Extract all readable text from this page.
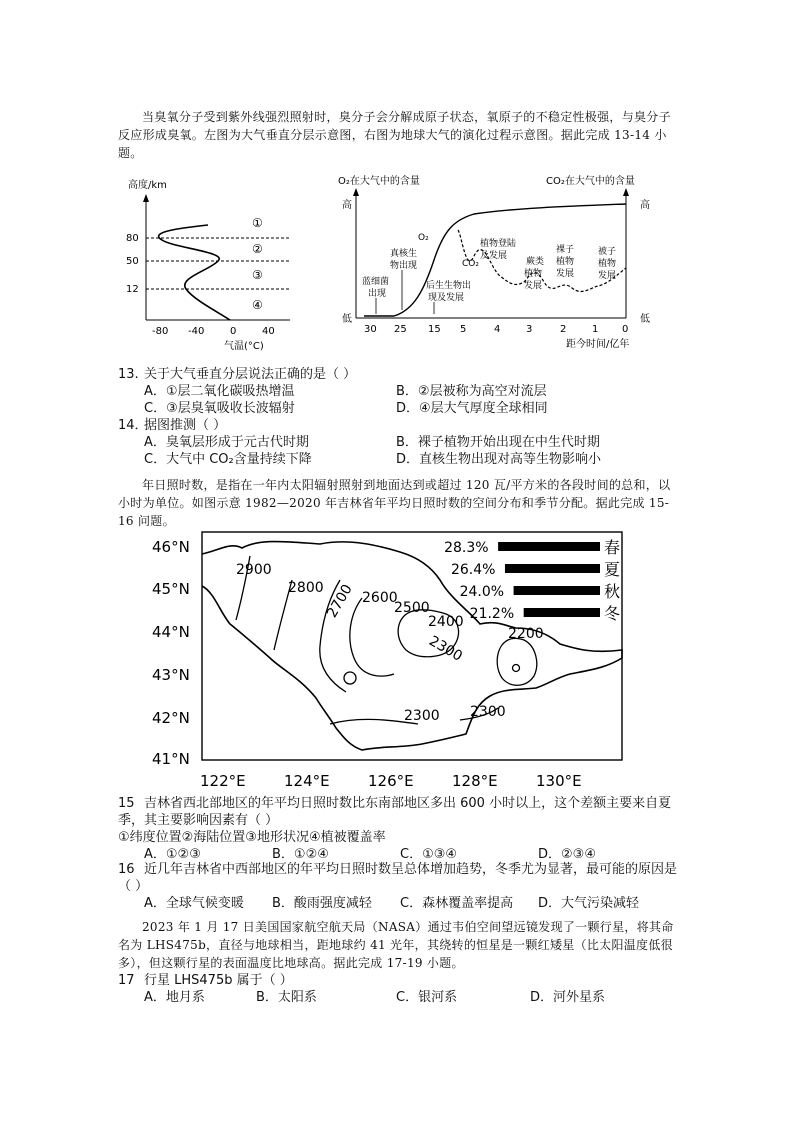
当臭氧分子受到紫外线强烈照射时，臭分子会分解成原子状态，氧原子的不稳定性极强，与臭分子反应形成臭氧。左图为大气垂直分层示意图，右图为地球大气的演化过程示意图。据此完成 13-14 小题。
高度/km
80
50
12
①
②
③
④
-80 -40	0	40
气温(°C)
O₂在大气中的含量	CO₂在大气中的含量
高
低
高
低
O₂
CO₂
蓝细菌 出现
真核生 物出现
后生生物出 现及发展
植物登陆 及发展
蕨类 植物 发展
裸子 植物 发展
被子 植物 发展
30 25 15 5	4	3	2	1 0
距今时间/亿年
13. 关于大气垂直分层说法正确的是（ ）
A．①层二氧化碳吸热增温	B．②层被称为高空对流层
C．③层臭氧吸收长波辐射	D．④层大气厚度全球相同
14．据图推测（ ）
A．臭氧层形成于元古代时期	B．裸子植物开始出现在中生代时期
C．大气中 CO₂含量持续下降	D．直核生物出现对高等生物影响小
年日照时数，是指在一年内太阳辐射照射到地面达到或超过 120 瓦/平方米的各段时间的总和，以小时为单位。如图示意 1982—2020 年吉林省年平均日照时数的空间分布和季节分配。据此完成 15-16 问题。
46°N
45°N
44°N
43°N
42°N
41°N
122°E	124°E	126°E	128°E	130°E
2900
2800 2700 2600
2500
2400
2300	2200
2300 2300
28.3%	春
26.4%	夏
24.0%	秋
21.2%	冬
15 吉林省西北部地区的年平均日照时数比东南部地区多出 600 小时以上，这个差额主要来自夏季，其主要影响因素有（ ）
①纬度位置②海陆位置③地形状况④植被覆盖率
A．①②③	B．①②④	C．①③④	D．②③④
16 近几年吉林省中西部地区的年平均日照时数呈总体增加趋势，冬季尤为显著，最可能的原因是（ ）
A．全球气候变暖 B．酸雨强度减轻 C．森林覆盖率提高 D．大气污染减轻
2023 年 1 月 17 日美国国家航空航天局（NASA）通过韦伯空间望远镜发现了一颗行星，将其命名为 LHS475b，直径与地球相当，距地球约 41 光年，其绕转的恒星是一颗红矮星（比太阳温度低很多），但这颗行星的表面温度比地球高。据此完成 17-19 小题。
17 行星 LHS475b 属于（ ）
A．地月系	B．太阳系	C．银河系	D．河外星系
